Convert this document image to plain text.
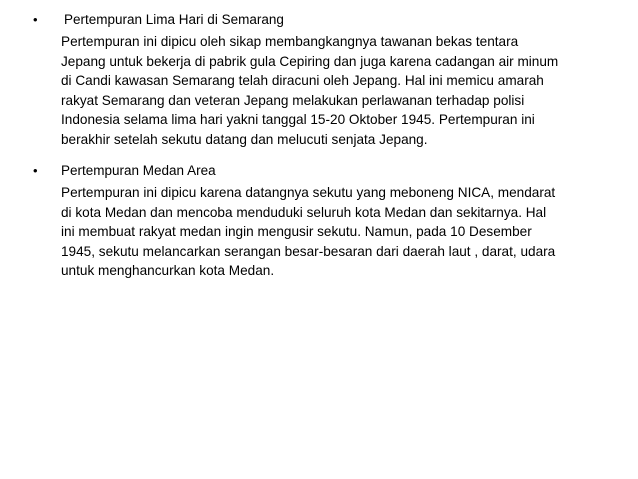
• Pertempuran Lima Hari di Semarang
Pertempuran ini dipicu oleh sikap membangkangnya tawanan bekas tentara
Jepang untuk bekerja di pabrik gula Cepiring dan juga karena cadangan air minum
di Candi kawasan Semarang telah diracuni oleh Jepang. Hal ini memicu amarah
rakyat Semarang dan veteran Jepang melakukan perlawanan terhadap polisi
Indonesia selama lima hari yakni tanggal 15-20 Oktober 1945. Pertempuran ini
berakhir setelah sekutu datang dan melucuti senjata Jepang.
• Pertempuran Medan Area
Pertempuran ini dipicu karena datangnya sekutu yang meboneng NICA, mendarat
di kota Medan dan mencoba menduduki seluruh kota Medan dan sekitarnya. Hal
ini membuat rakyat medan ingin mengusir sekutu. Namun, pada 10 Desember
1945, sekutu melancarkan serangan besar-besaran dari daerah laut , darat, udara
untuk menghancurkan kota Medan.
